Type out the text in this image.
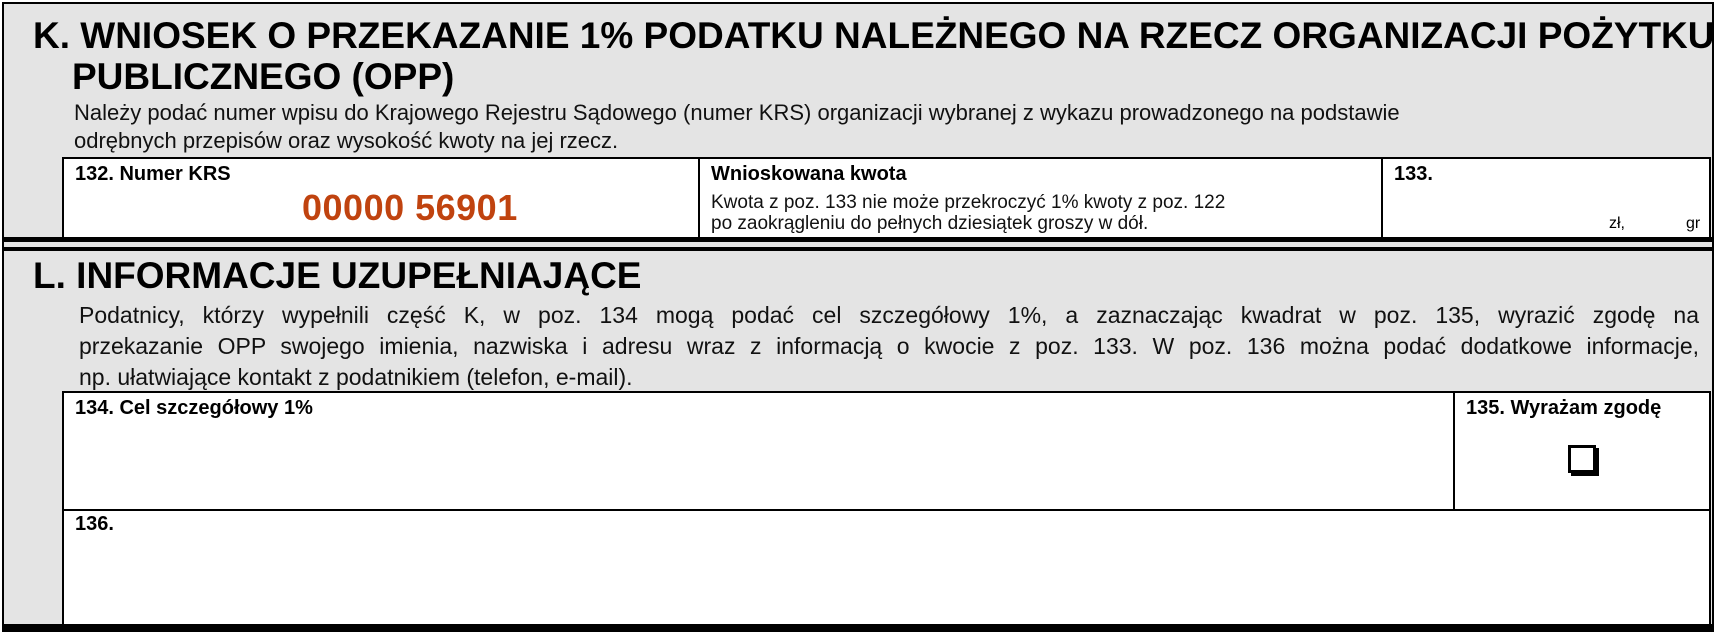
K. WNIOSEK O PRZEKAZANIE 1% PODATKU NALEŻNEGO NA RZECZ ORGANIZACJI POŻYTKU
PUBLICZNEGO (OPP)
Należy podać numer wpisu do Krajowego Rejestru Sądowego (numer KRS) organizacji wybranej z wykazu prowadzonego na podstawie
odrębnych przepisów oraz wysokość kwoty na jej rzecz.
132. Numer KRS
00000 56901
Wnioskowana kwota
Kwota z poz. 133 nie może przekroczyć 1% kwoty z poz. 122
po zaokrągleniu do pełnych dziesiątek groszy w dół.
133.
zł,	gr
L. INFORMACJE UZUPEŁNIAJĄCE
Podatnicy, którzy wypełnili część K, w poz. 134 mogą podać cel szczegółowy 1%, a zaznaczając kwadrat w poz. 135, wyrazić zgodę na
przekazanie OPP swojego imienia, nazwiska i adresu wraz z informacją o kwocie z poz. 133. W poz. 136 można podać dodatkowe informacje,
np. ułatwiające kontakt z podatnikiem (telefon, e-mail).
134. Cel szczegółowy 1%	135. Wyrażam zgodę
136.
